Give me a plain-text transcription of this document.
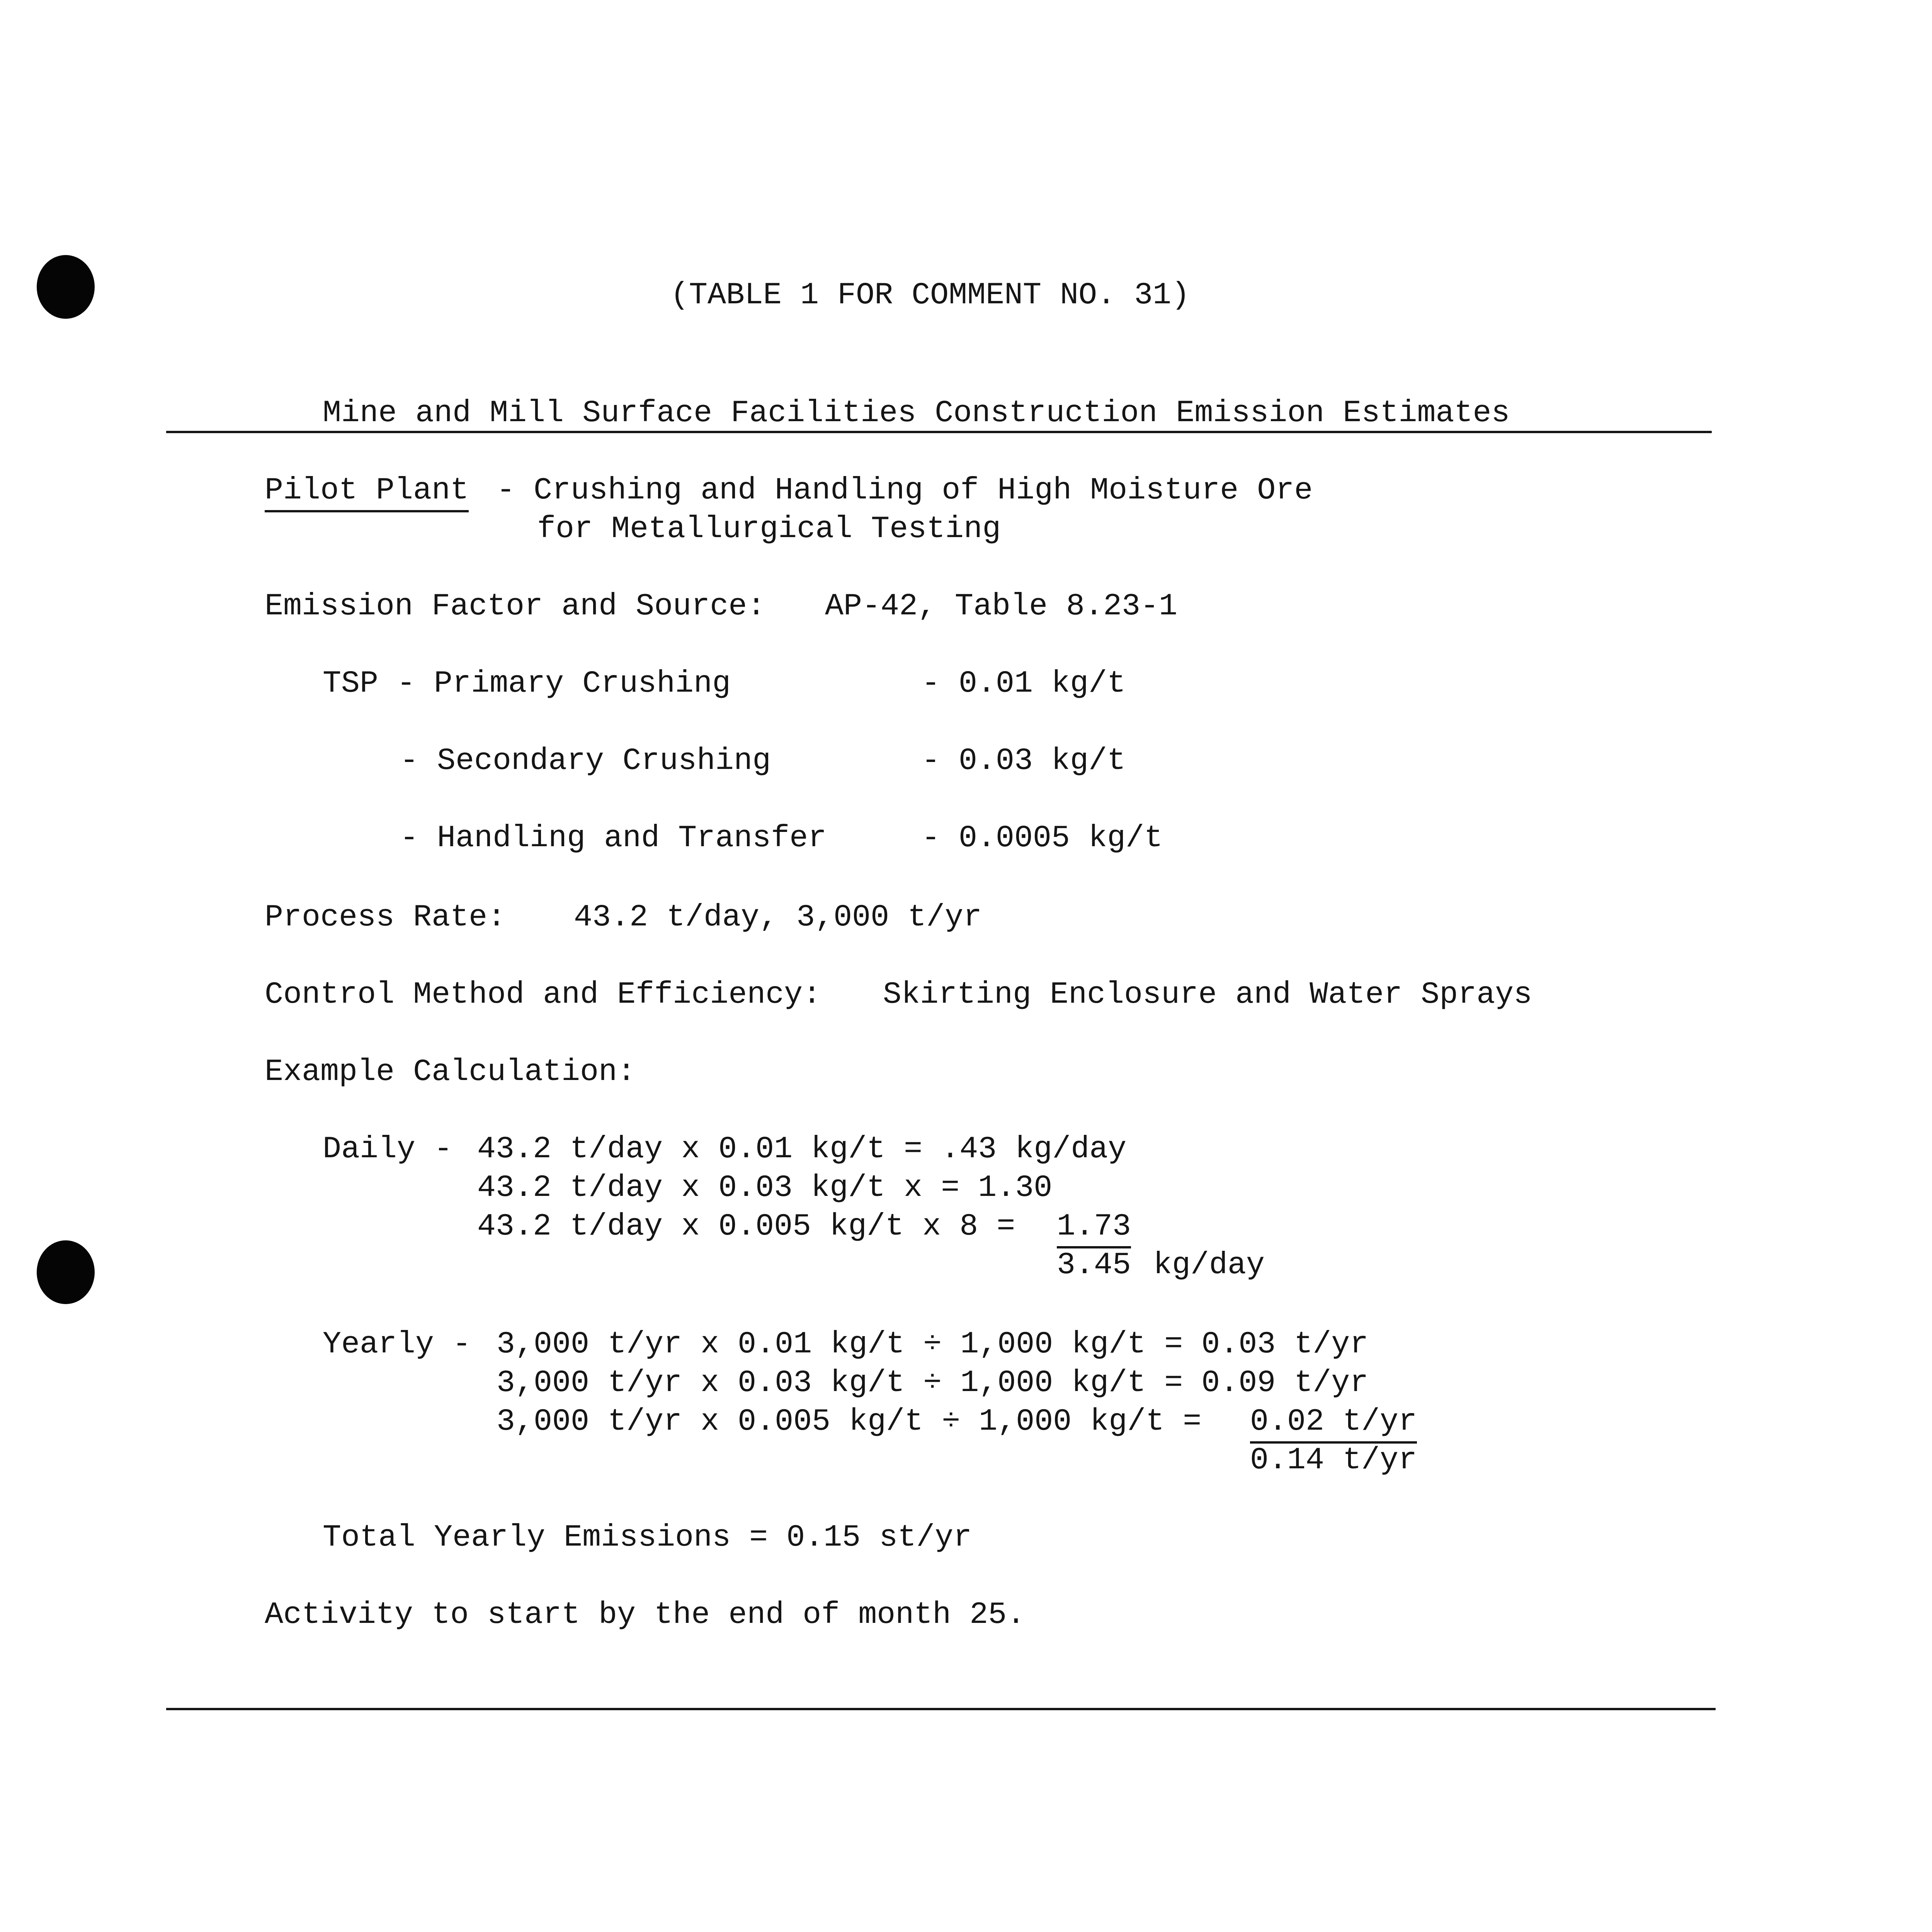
(TABLE 1 FOR COMMENT NO. 31)
Mine and Mill Surface Facilities Construction Emission Estimates
Pilot Plant - Crushing and Handling of High Moisture Ore
for Metallurgical Testing
Emission Factor and Source: AP-42, Table 8.23-1
TSP - Primary Crushing	- 0.01 kg/t
- Secondary Crushing	- 0.03 kg/t
- Handling and Transfer	- 0.0005 kg/t
Process Rate: 43.2 t/day, 3,000 t/yr
Control Method and Efficiency: Skirting Enclosure and Water Sprays
Example Calculation:
Daily - 43.2 t/day x 0.01 kg/t = .43 kg/day
43.2 t/day x 0.03 kg/t x = 1.30
43.2 t/day x 0.005 kg/t x 8 = 1.73
3.45 kg/day
Yearly - 3,000 t/yr x 0.01 kg/t ÷ 1,000 kg/t = 0.03 t/yr
3,000 t/yr x 0.03 kg/t ÷ 1,000 kg/t = 0.09 t/yr
3,000 t/yr x 0.005 kg/t ÷ 1,000 kg/t = 0.02 t/yr
0.14 t/yr
Total Yearly Emissions = 0.15 st/yr
Activity to start by the end of month 25.
